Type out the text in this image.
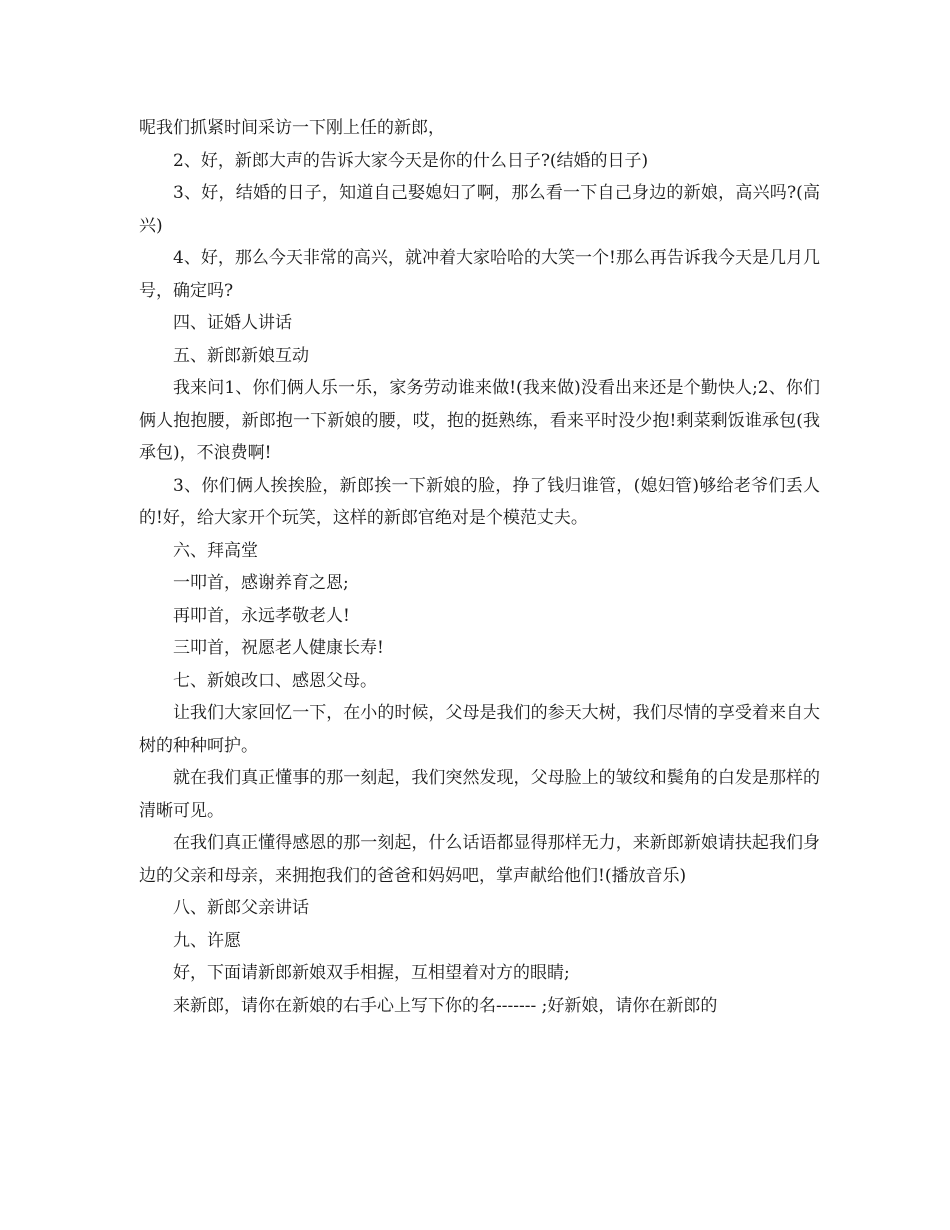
呢我们抓紧时间采访一下刚上任的新郎，

2、好，新郎大声的告诉大家今天是你的什么日子?(结婚的日子)

3、好，结婚的日子，知道自己娶媳妇了啊，那么看一下自己身边的新娘，高兴吗?(高兴)

4、好，那么今天非常的高兴，就冲着大家哈哈的大笑一个!那么再告诉我今天是几月几号，确定吗?

四、证婚人讲话

五、新郎新娘互动

我来问1、你们俩人乐一乐，家务劳动谁来做!(我来做)没看出来还是个勤快人;2、你们俩人抱抱腰，新郎抱一下新娘的腰，哎，抱的挺熟练，看来平时没少抱!剩菜剩饭谁承包(我承包)，不浪费啊!

3、你们俩人挨挨脸，新郎挨一下新娘的脸，挣了钱归谁管，(媳妇管)够给老爷们丢人的!好，给大家开个玩笑，这样的新郎官绝对是个模范丈夫。

六、拜高堂

一叩首，感谢养育之恩;

再叩首，永远孝敬老人!

三叩首，祝愿老人健康长寿!

七、新娘改口、感恩父母。

让我们大家回忆一下，在小的时候，父母是我们的参天大树，我们尽情的享受着来自大树的种种呵护。

就在我们真正懂事的那一刻起，我们突然发现，父母脸上的皱纹和鬓角的白发是那样的清晰可见。

在我们真正懂得感恩的那一刻起，什么话语都显得那样无力，来新郎新娘请扶起我们身边的父亲和母亲，来拥抱我们的爸爸和妈妈吧，掌声献给他们!(播放音乐)

八、新郎父亲讲话

九、许愿

好，下面请新郎新娘双手相握，互相望着对方的眼睛;

来新郎，请你在新娘的右手心上写下你的名------- ;好新娘，请你在新郎的
